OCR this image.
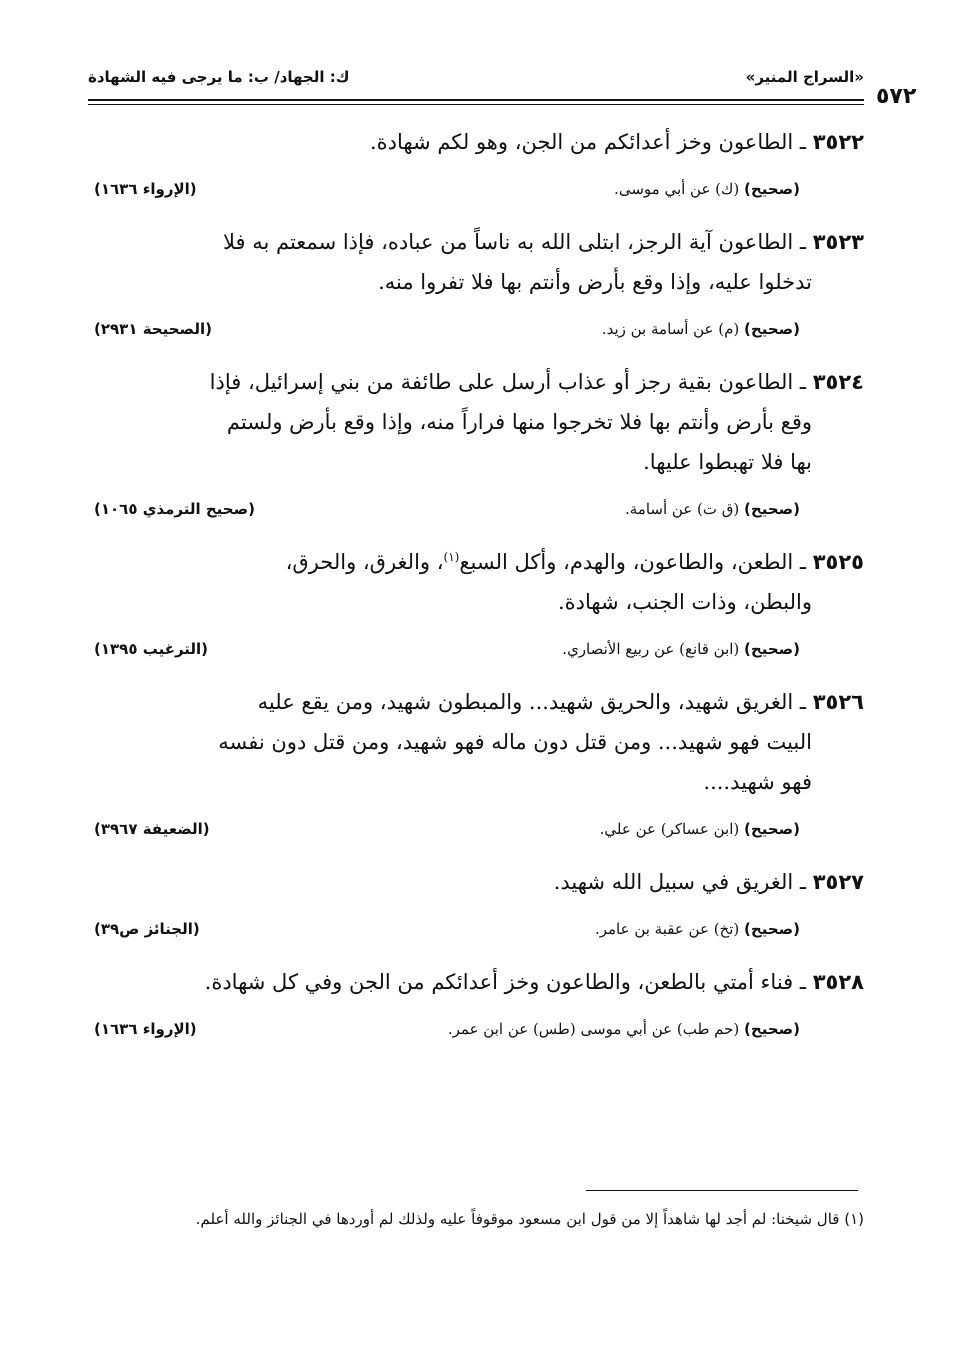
«السراج المنير»
ك: الجهاد/ ب: ما يرجى فيه الشهادة
٥٧٢

٣٥٢٢ ـ الطاعون وخز أعدائكم من الجن، وهو لكم شهادة.

(صحيح) (ك) عن أبي موسى.
(الإرواء ١٦٣٦)

٣٥٢٣ ـ الطاعون آية الرجز، ابتلى الله به ناساً من عباده، فإذا سمعتم به فلا
تدخلوا عليه، وإذا وقع بأرض وأنتم بها فلا تفروا منه.

(صحيح) (م) عن أسامة بن زيد.
(الصحيحة ٢٩٣١)

٣٥٢٤ ـ الطاعون بقية رجز أو عذاب أرسل على طائفة من بني إسرائيل، فإذا
وقع بأرض وأنتم بها فلا تخرجوا منها فراراً منه، وإذا وقع بأرض ولستم
بها فلا تهبطوا عليها.

(صحيح) (ق ت) عن أسامة.
(صحيح الترمذي ١٠٦٥)

٣٥٢٥ ـ الطعن، والطاعون، والهدم، وأكل السبع$^{(١)}$، والغرق، والحرق،
والبطن، وذات الجنب، شهادة.

(صحيح) (ابن قانع) عن ربيع الأنصاري.
(الترغيب ١٣٩٥)

٣٥٢٦ ـ الغريق شهيد، والحريق شهيد... والمبطون شهيد، ومن يقع عليه
البيت فهو شهيد... ومن قتل دون ماله فهو شهيد، ومن قتل دون نفسه
فهو شهيد....

(صحيح) (ابن عساكر) عن علي.
(الضعيفة ٣٩٦٧)

٣٥٢٧ ـ الغريق في سبيل الله شهيد.

(صحيح) (تخ) عن عقبة بن عامر.
(الجنائز ص٣٩)

٣٥٢٨ ـ فناء أمتي بالطعن، والطاعون وخز أعدائكم من الجن وفي كل شهادة.

(صحيح) (حم طب) عن أبي موسى (طس) عن ابن عمر.
(الإرواء ١٦٣٦)
(١) قال شيخنا: لم أجد لها شاهداً إلا من قول ابن مسعود موقوفاً عليه ولذلك لم أوردها في الجنائز والله أعلم.
